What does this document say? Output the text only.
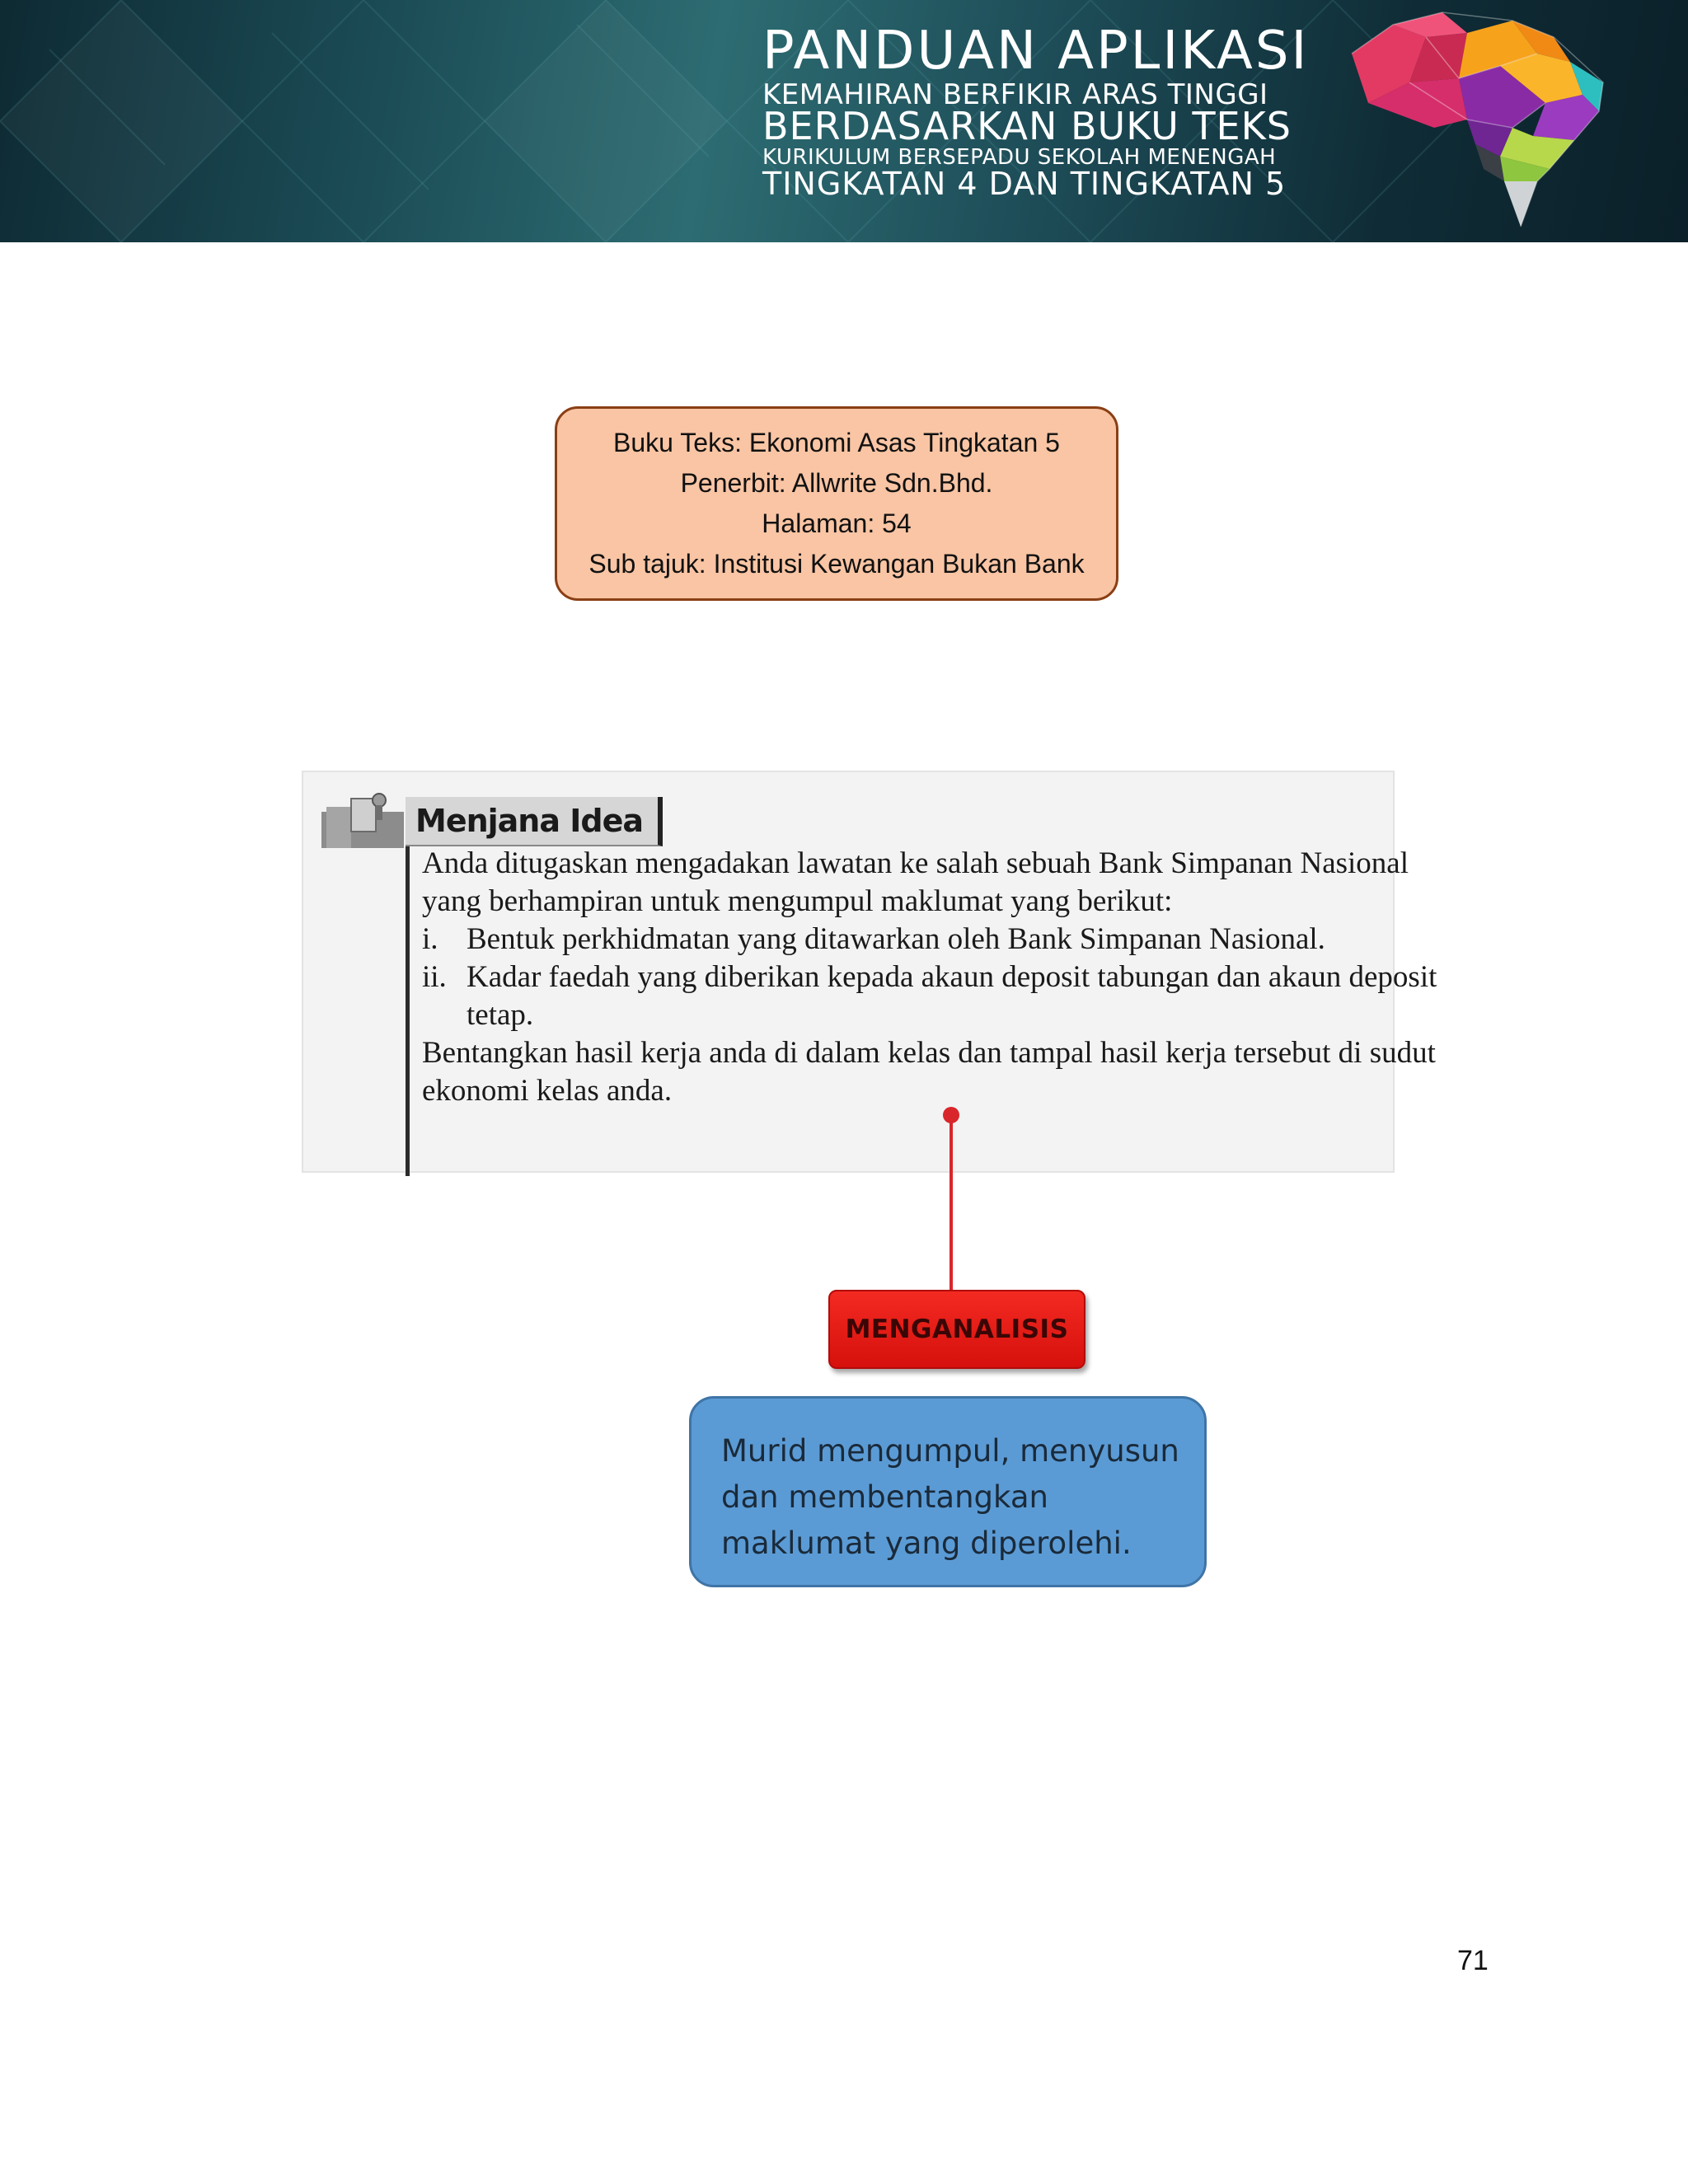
PANDUAN APLIKASI
KEMAHIRAN BERFIKIR ARAS TINGGI
BERDASARKAN BUKU TEKS
KURIKULUM BERSEPADU SEKOLAH MENENGAH
TINGKATAN 4 DAN TINGKATAN 5
Buku Teks: Ekonomi Asas Tingkatan 5
Penerbit: Allwrite Sdn.Bhd.
Halaman: 54
Sub tajuk: Institusi Kewangan Bukan Bank
Menjana Idea
Anda ditugaskan mengadakan lawatan ke salah sebuah Bank Simpanan Nasional
yang berhampiran untuk mengumpul maklumat yang berikut:
i. Bentuk perkhidmatan yang ditawarkan oleh Bank Simpanan Nasional.
ii. Kadar faedah yang diberikan kepada akaun deposit tabungan dan akaun deposit
tetap.
Bentangkan hasil kerja anda di dalam kelas dan tampal hasil kerja tersebut di sudut
ekonomi kelas anda.
MENGANALISIS
Murid mengumpul, menyusun
dan membentangkan
maklumat yang diperolehi.
71
